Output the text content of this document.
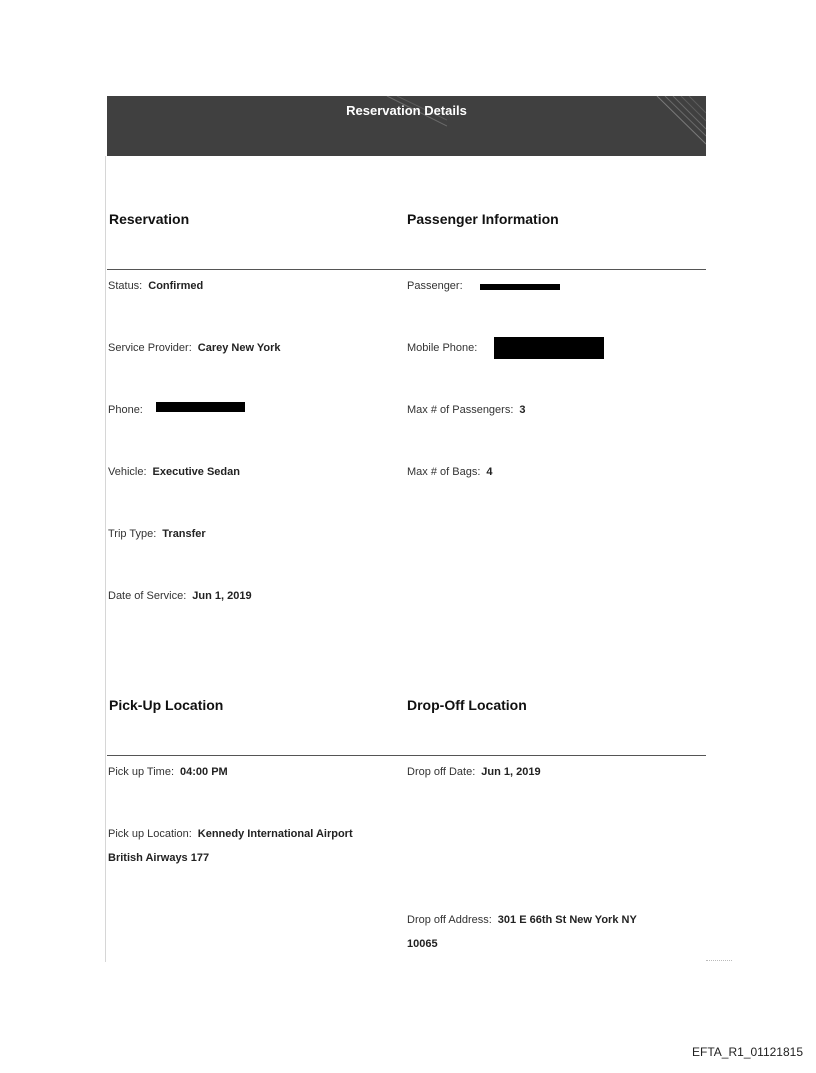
Reservation Details
Reservation	Passenger Information
Status: Confirmed
Service Provider: Carey New York
Phone:
Vehicle: Executive Sedan
Trip Type: Transfer
Date of Service: Jun 1, 2019
Passenger:
Mobile Phone:
Max # of Passengers: 3
Max # of Bags: 4
Pick-Up Location	Drop-Off Location
Pick up Time: 04:00 PM
Pick up Location: Kennedy International Airport
British Airways 177
Drop off Date: Jun 1, 2019
Drop off Address: 301 E 66th St New York NY
10065
EFTA_R1_01121815
